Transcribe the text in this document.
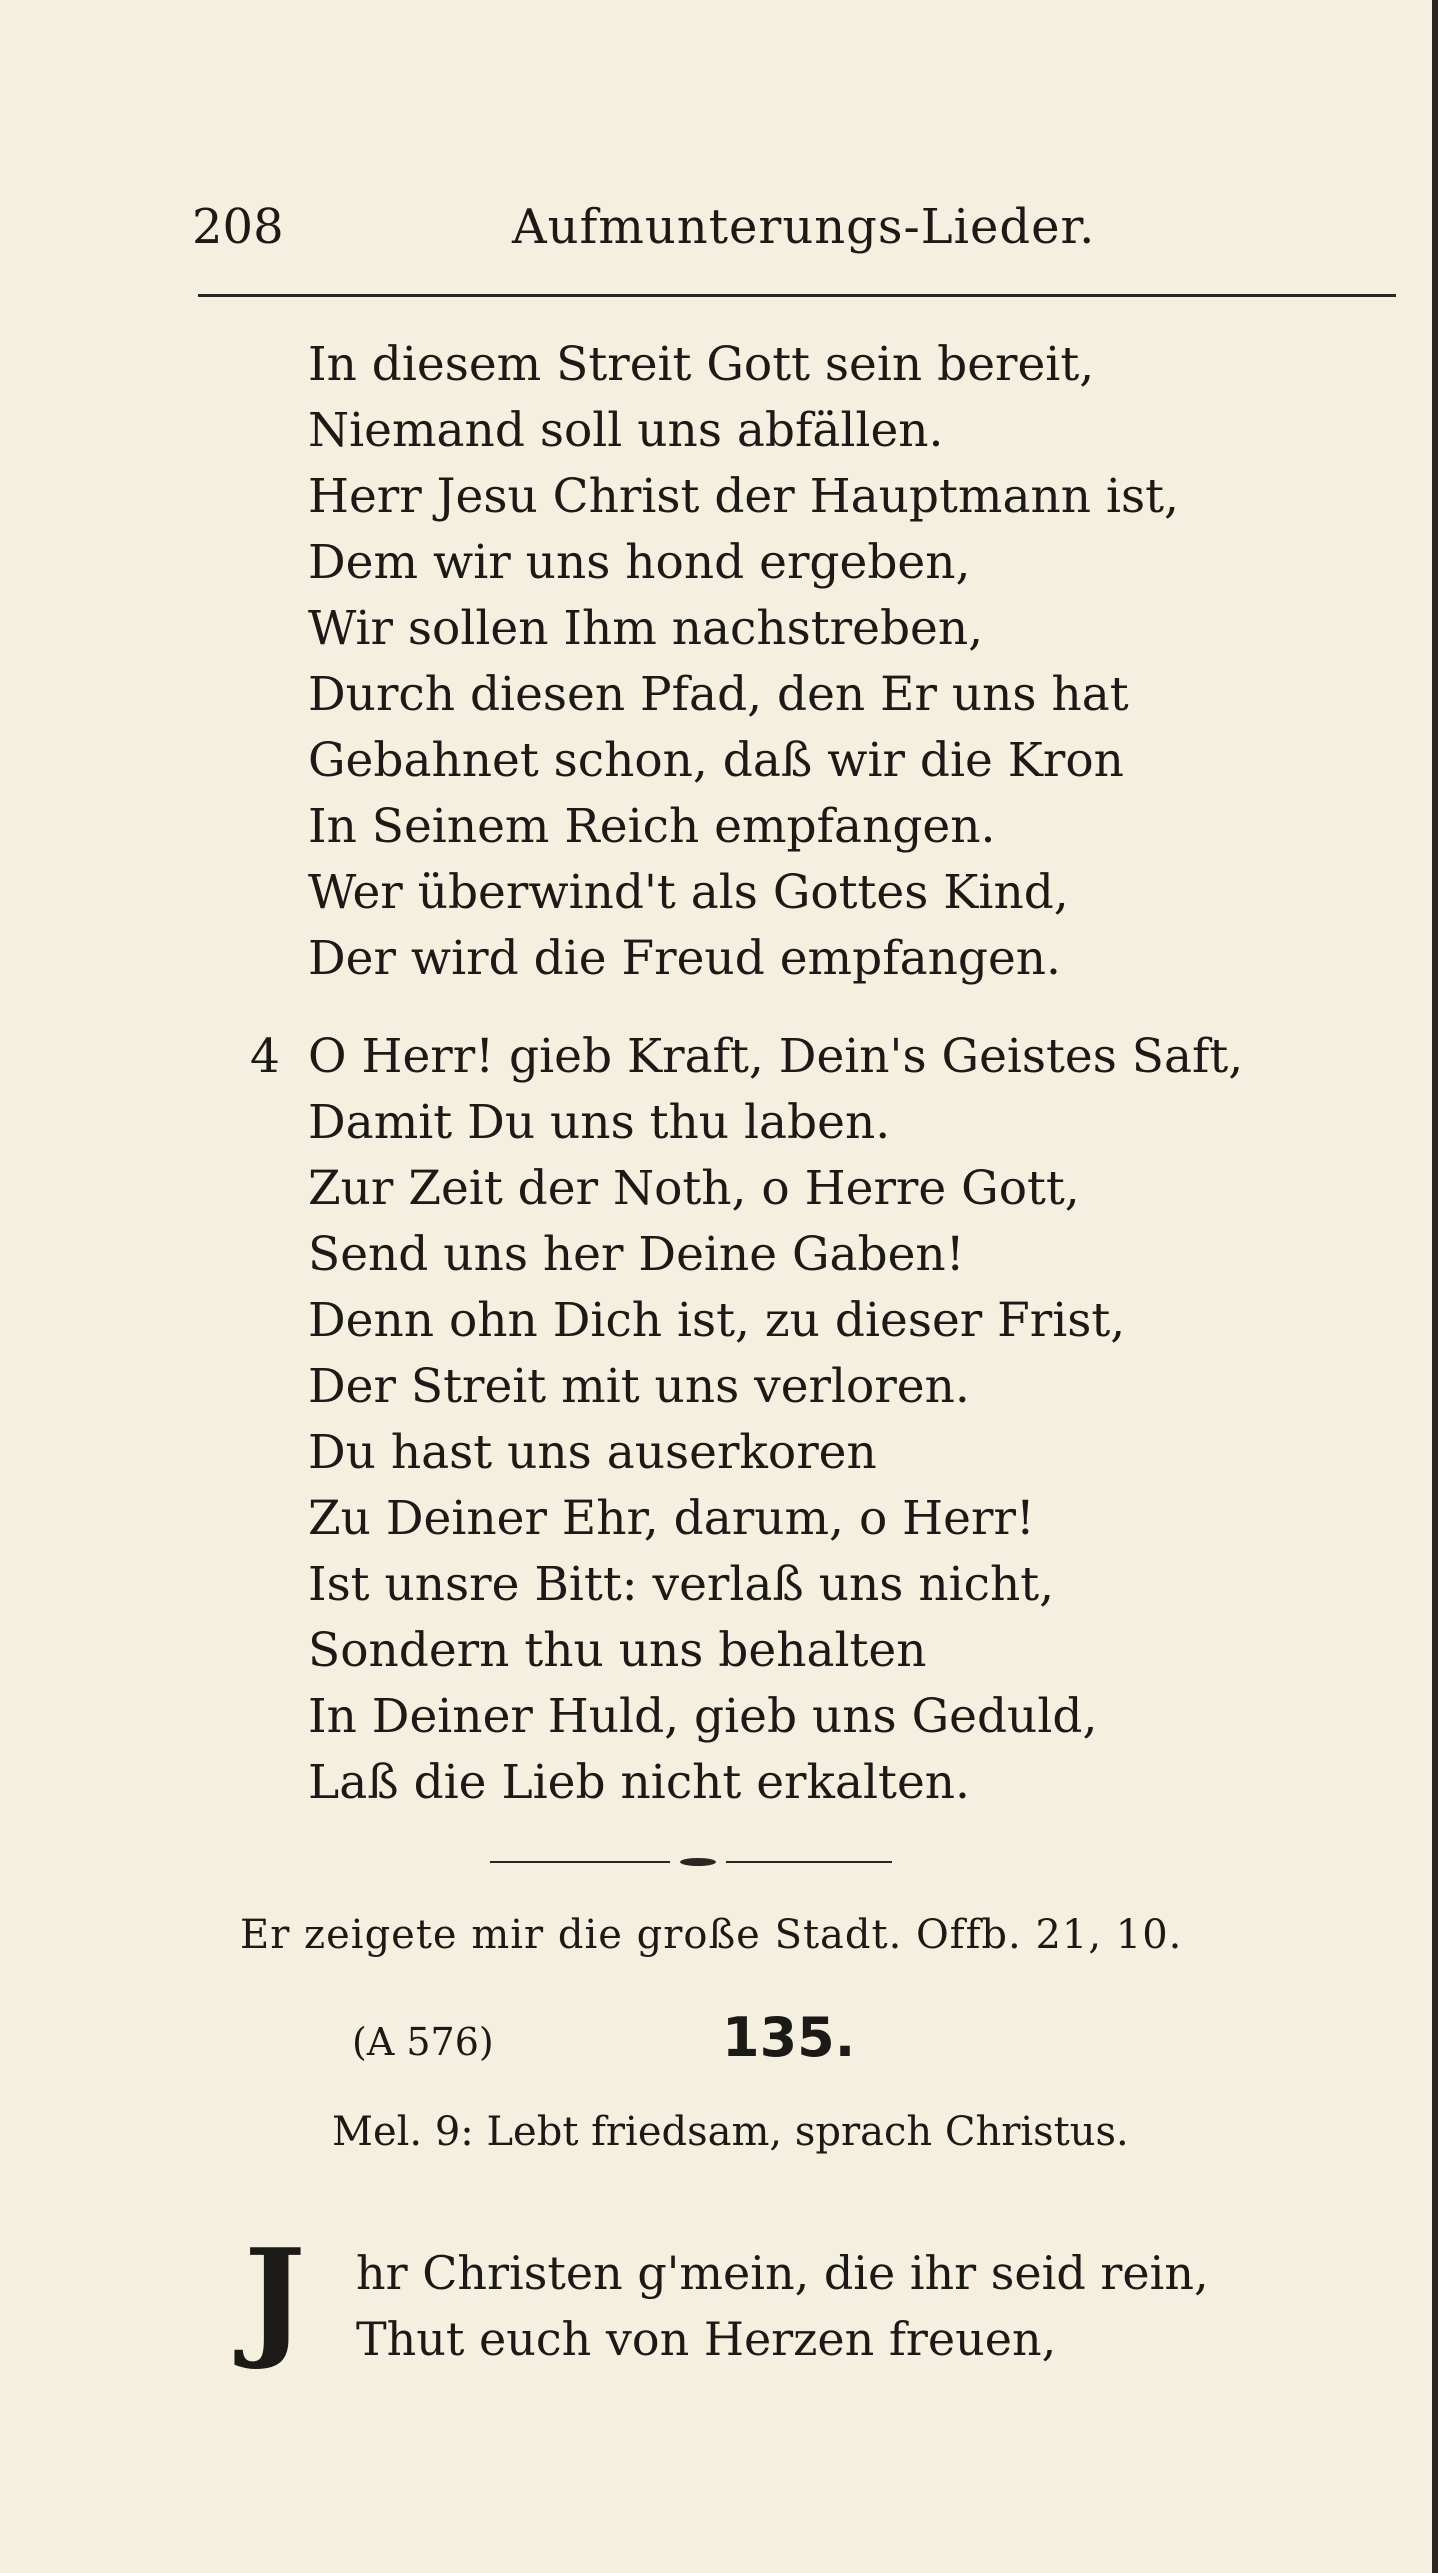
208	Aufmunterungs-Lieder.
In diesem Streit Gott sein bereit,
Niemand soll uns abfällen.
Herr Jesu Christ der Hauptmann ist,
Dem wir uns hond ergeben,
Wir sollen Ihm nachstreben,
Durch diesen Pfad, den Er uns hat
Gebahnet schon, daß wir die Kron
In Seinem Reich empfangen.
Wer überwind't als Gottes Kind,
Der wird die Freud empfangen.
4 O Herr! gieb Kraft, Dein's Geistes Saft,
Damit Du uns thu laben.
Zur Zeit der Noth, o Herre Gott,
Send uns her Deine Gaben!
Denn ohn Dich ist, zu dieser Frist,
Der Streit mit uns verloren.
Du hast uns auserkoren
Zu Deiner Ehr, darum, o Herr!
Ist unsre Bitt: verlaß uns nicht,
Sondern thu uns behalten
In Deiner Huld, gieb uns Geduld,
Laß die Lieb nicht erkalten.
Er zeigete mir die große Stadt. Offb. 21, 10.
(A 576)	135.
Mel. 9: Lebt friedsam, sprach Christus.
J hr Christen g'mein, die ihr seid rein,
Thut euch von Herzen freuen,
